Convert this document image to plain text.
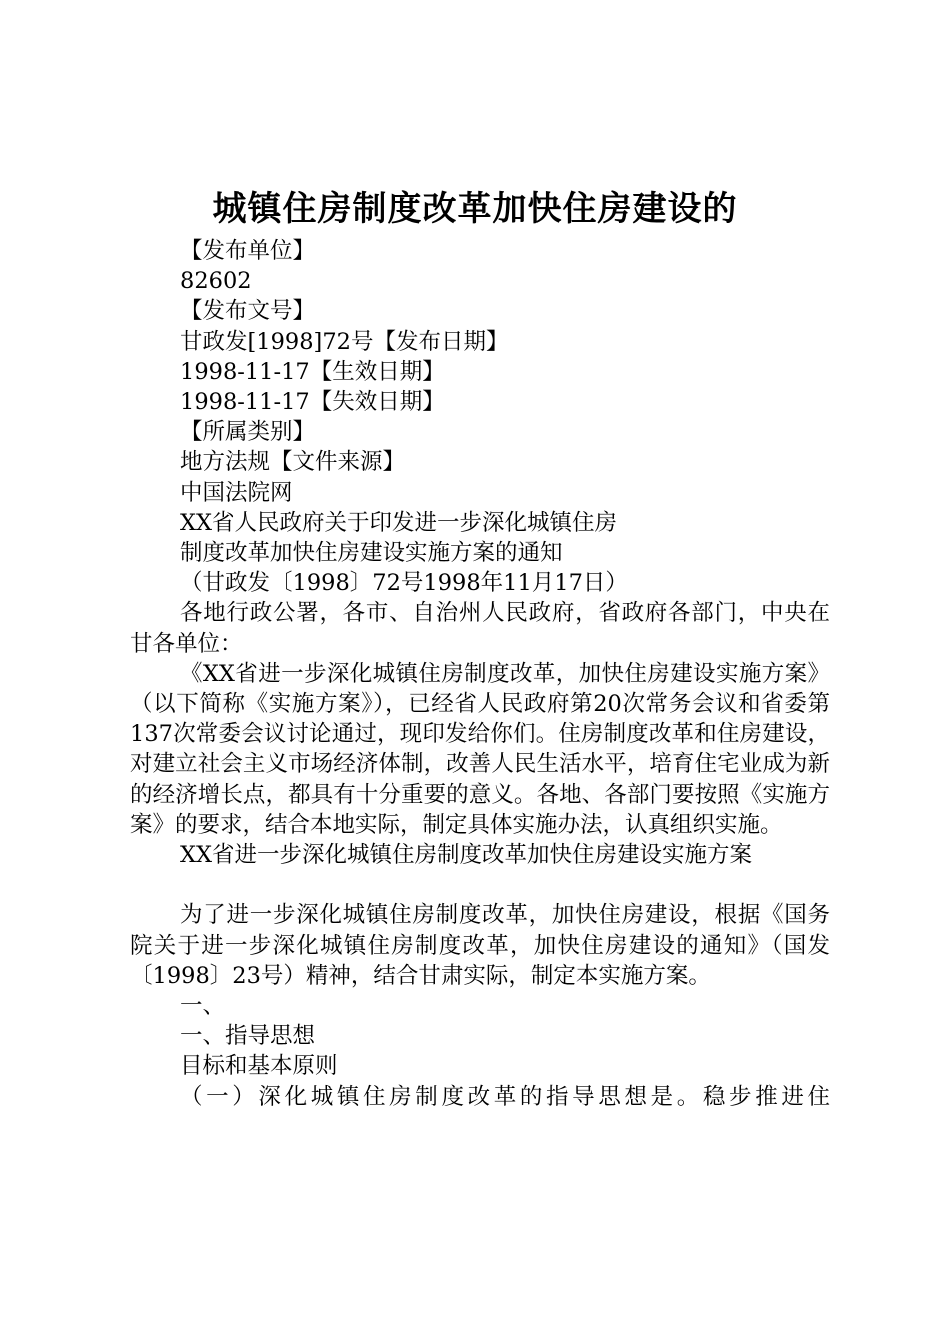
城镇住房制度改革加快住房建设的

【发布单位】

82602

【发布文号】

甘政发[1998]72号【发布日期】

1998-11-17【生效日期】

1998-11-17【失效日期】

【所属类别】

地方法规【文件来源】

中国法院网

XX省人民政府关于印发进一步深化城镇住房

制度改革加快住房建设实施方案的通知

（甘政发〔1998〕72号1998年11月17日）

各地行政公署，各市、自治州人民政府，省政府各部门，中央在甘各单位：

《XX省进一步深化城镇住房制度改革，加快住房建设实施方案》（以下简称《实施方案》），已经省人民政府第20次常务会议和省委第137次常委会议讨论通过，现印发给你们。住房制度改革和住房建设，对建立社会主义市场经济体制，改善人民生活水平，培育住宅业成为新的经济增长点，都具有十分重要的意义。各地、各部门要按照《实施方案》的要求，结合本地实际，制定具体实施办法，认真组织实施。

XX省进一步深化城镇住房制度改革加快住房建设实施方案

为了进一步深化城镇住房制度改革，加快住房建设，根据《国务院关于进一步深化城镇住房制度改革，加快住房建设的通知》（国发〔1998〕23号）精神，结合甘肃实际，制定本实施方案。

一、

一、指导思想

目标和基本原则

（一）深化城镇住房制度改革的指导思想是。稳步推进住
